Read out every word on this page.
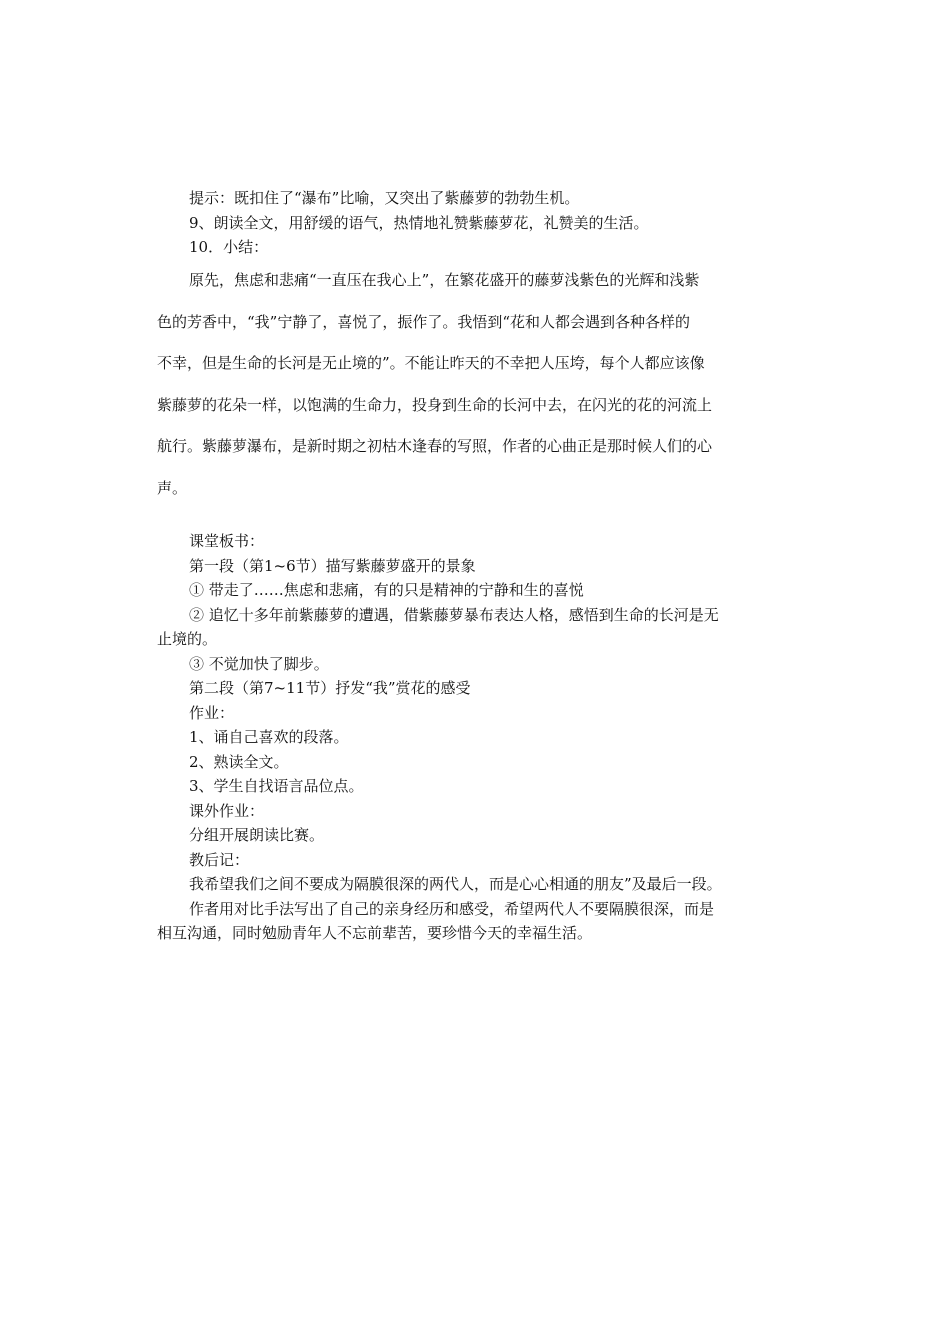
提示：既扣住了“瀑布”比喻，又突出了紫藤萝的勃勃生机。
9、朗读全文，用舒缓的语气，热情地礼赞紫藤萝花，礼赞美的生活。
10．小结：
原先，焦虑和悲痛“一直压在我心上”，在繁花盛开的藤萝浅紫色的光辉和浅紫
色的芳香中，“我”宁静了，喜悦了，振作了。我悟到“花和人都会遇到各种各样的
不幸，但是生命的长河是无止境的”。不能让昨天的不幸把人压垮，每个人都应该像
紫藤萝的花朵一样，以饱满的生命力，投身到生命的长河中去，在闪光的花的河流上
航行。紫藤萝瀑布，是新时期之初枯木逢春的写照，作者的心曲正是那时候人们的心
声。
课堂板书：
第一段（第1~6节）描写紫藤萝盛开的景象
① 带走了……焦虑和悲痛，有的只是精神的宁静和生的喜悦
② 追忆十多年前紫藤萝的遭遇，借紫藤萝暴布表达人格，感悟到生命的长河是无
止境的。
③ 不觉加快了脚步。
第二段（第7~11节）抒发“我”赏花的感受
作业：
1、诵自己喜欢的段落。
2、熟读全文。
3、学生自找语言品位点。
课外作业：
分组开展朗读比赛。
教后记：
我希望我们之间不要成为隔膜很深的两代人，而是心心相通的朋友”及最后一段。
作者用对比手法写出了自己的亲身经历和感受，希望两代人不要隔膜很深，而是
相互沟通，同时勉励青年人不忘前辈苦，要珍惜今天的幸福生活。
